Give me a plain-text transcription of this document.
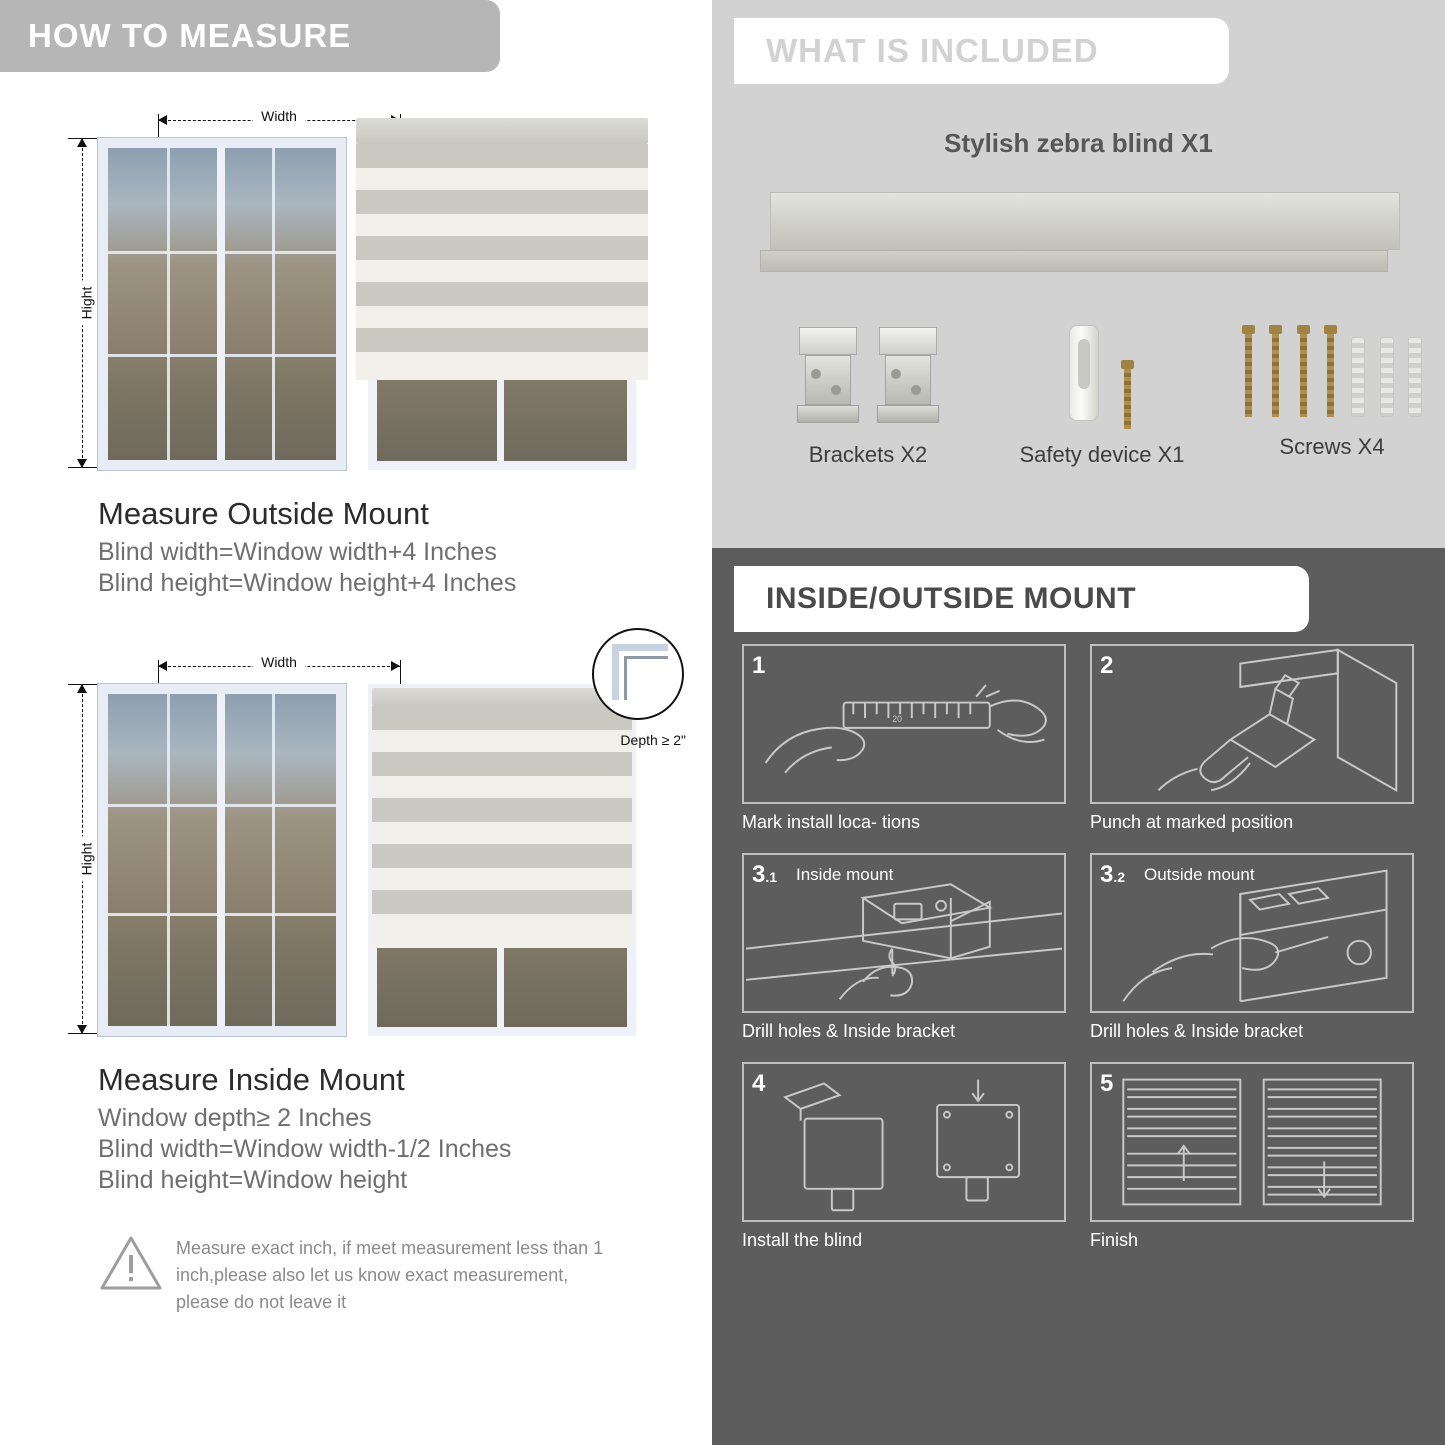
HOW TO MEASURE
Width
Hight
Measure Outside Mount
Blind width=Window width+4 Inches
Blind height=Window height+4 Inches
Width
Hight
Depth ≥ 2"
Measure Inside Mount
Window depth≥ 2 Inches
Blind width=Window width-1/2 Inches
Blind height=Window height
Measure exact inch, if meet measurement less than 1 inch,please also let us know exact measurement, please do not leave it
WHAT IS INCLUDED
Stylish zebra blind X1

Brackets X2
	Safety device X1

	Screws X4
INSIDE/OUTSIDE MOUNT
1
20
Mark install loca- tions
2
Punch at marked position
3.1 Inside mount
Drill holes & Inside bracket
3.2 Outside mount
Drill holes & Inside bracket
4
Install the blind
5
Finish
